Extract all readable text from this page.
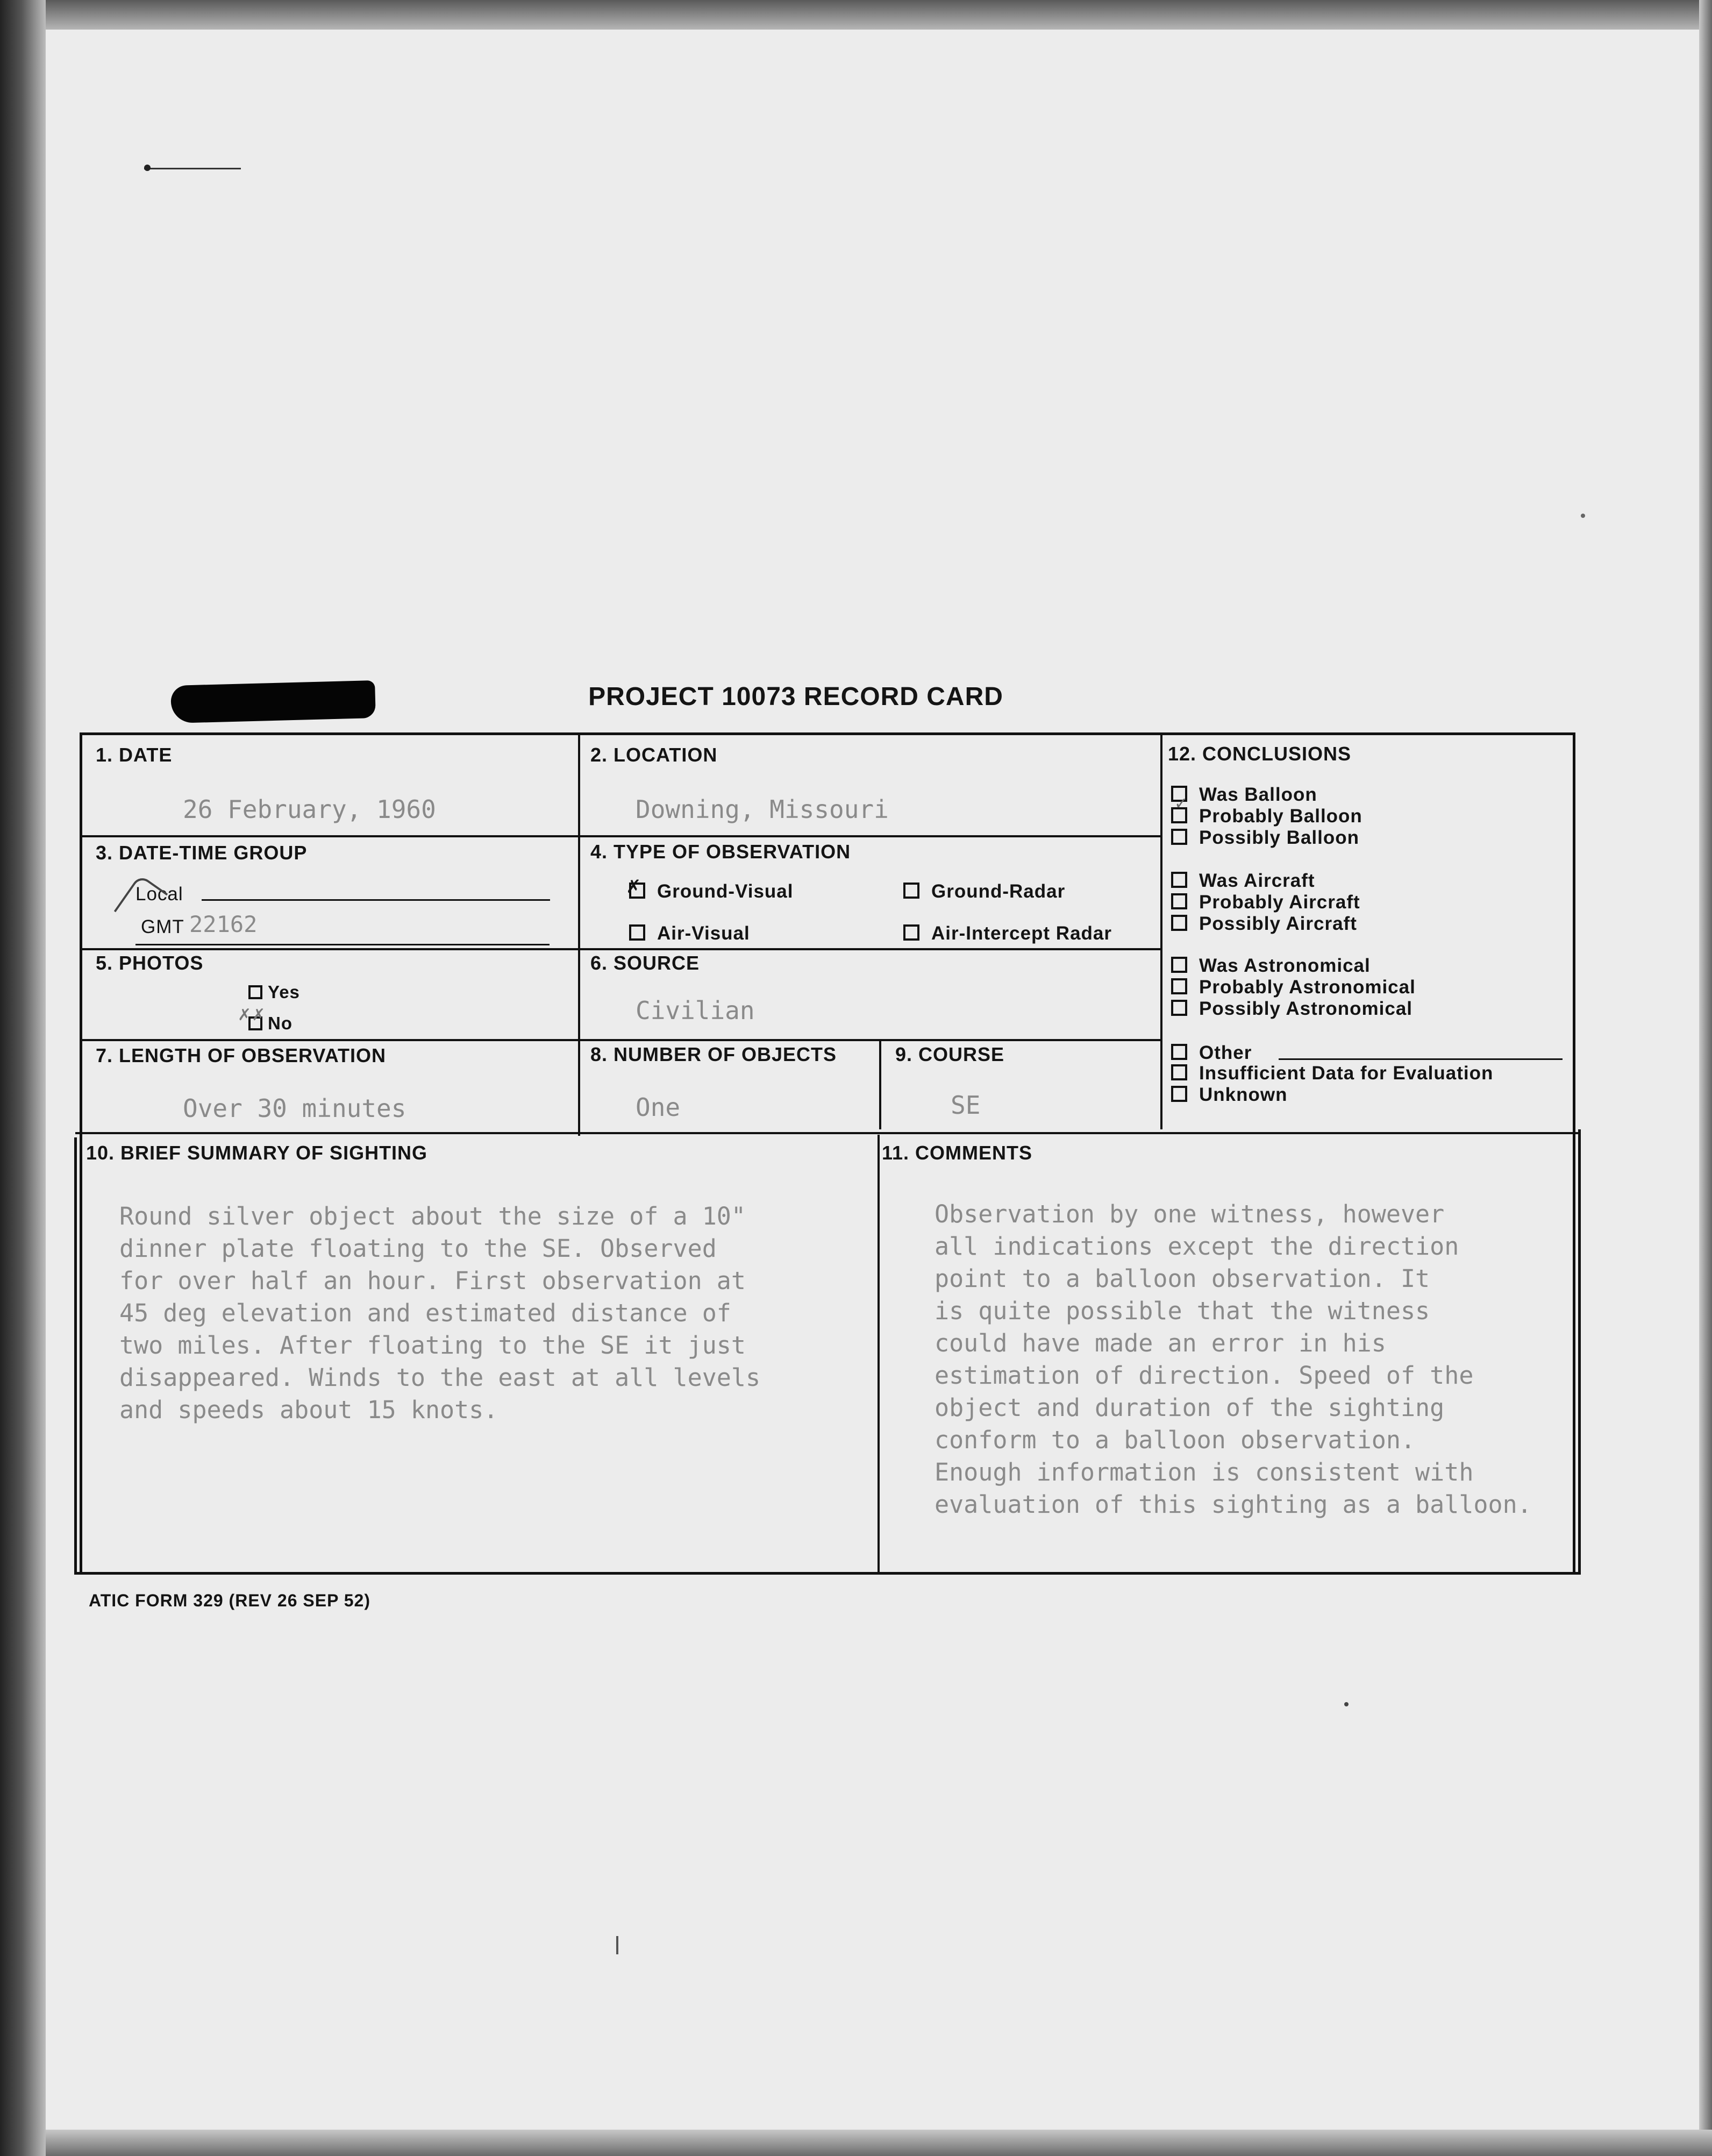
PROJECT 10073 RECORD CARD
1. DATE
26 February, 1960
2. LOCATION
Downing, Missouri
3. DATE-TIME GROUP
Local
GMT 22162
4. TYPE OF OBSERVATION
✗ Ground-Visual	Ground-Radar
Air-Visual	Air-Intercept Radar
5. PHOTOS
Yes
✗✗ No
6. SOURCE
Civilian
7. LENGTH OF OBSERVATION
Over 30 minutes
8. NUMBER OF OBJECTS
One
9. COURSE
SE
12. CONCLUSIONS
Was Balloon
✓
Probably Balloon
Possibly Balloon
Was Aircraft
Probably Aircraft
Possibly Aircraft
Was Astronomical
Probably Astronomical
Possibly Astronomical
Other
Insufficient Data for Evaluation
Unknown
10. BRIEF SUMMARY OF SIGHTING

Round silver object about the size of a 10"
dinner plate floating to the SE. Observed
for over half an hour. First observation at
45 deg elevation and estimated distance of
two miles. After floating to the SE it just
disappeared. Winds to the east at all levels
and speeds about 15 knots.

11. COMMENTS

Observation by one witness, however
all indications except the direction
point to a balloon observation. It
is quite possible that the witness
could have made an error in his
estimation of direction. Speed of the
object and duration of the sighting
conform to a balloon observation.
Enough information is consistent with
evaluation of this sighting as a balloon.

ATIC FORM 329 (REV 26 SEP 52)
